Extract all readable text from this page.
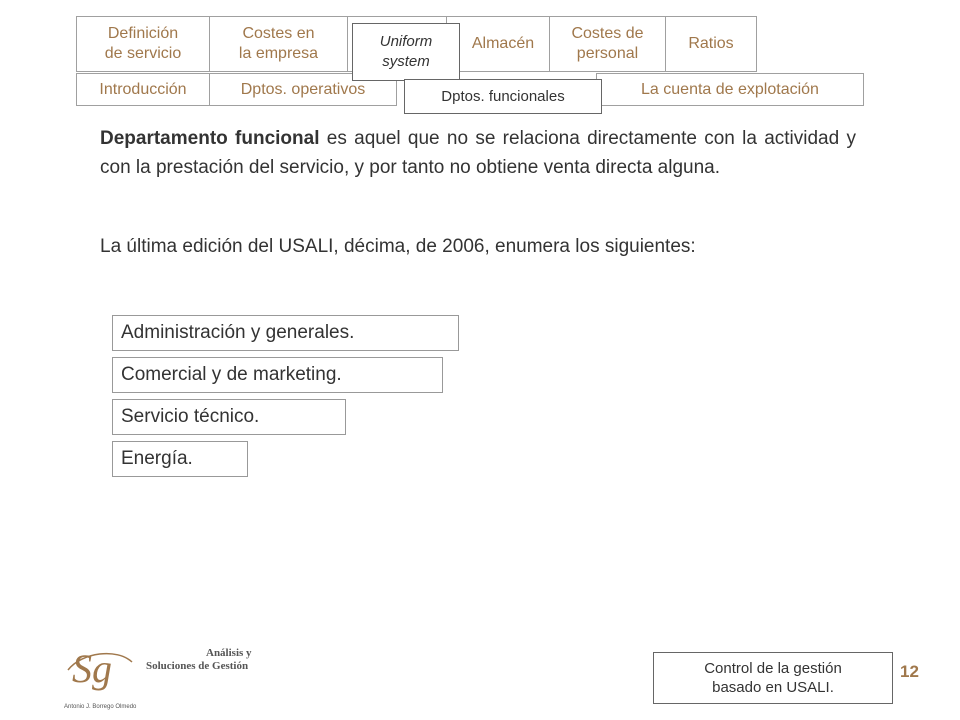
Definición
de servicio
Costes en
la empresa
Almacén
Costes de
personal
Ratios
Introducción	Dptos. operativos	La cuenta de explotación
Uniform
system
Dptos. funcionales
Departamento funcional es aquel que no se relaciona directamente con la actividad y con la prestación del servicio, y por tanto no obtiene venta directa alguna.
La última edición del USALI, décima, de 2006, enumera los siguientes:
Administración y generales.
Comercial y de marketing.
Servicio técnico.
Energía.
Sg	Análisis y
Soluciones de Gestión
Antonio J. Borrego Olmedo
Control de la gestión
basado en USALI.
12
